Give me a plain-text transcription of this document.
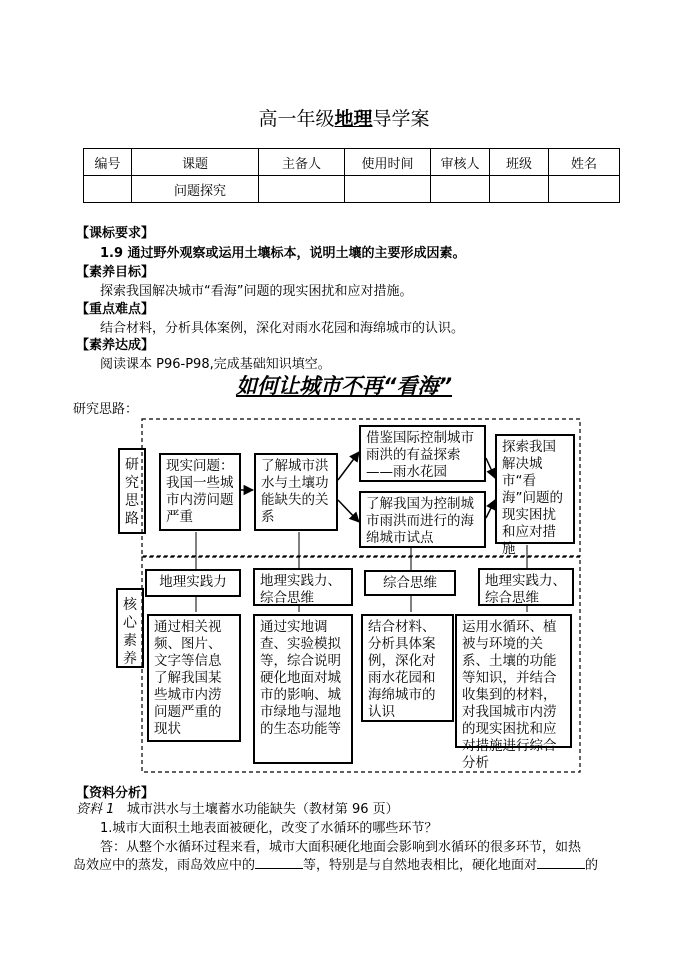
高一年级地理导学案
编号	课题	主备人	使用时间	审核人	班级	姓名
	问题探究					
【课标要求】
1.9 通过野外观察或运用土壤标本，说明土壤的主要形成因素。
【素养目标】
探索我国解决城市“看海”问题的现实困扰和应对措施。
【重点难点】
结合材料，分析具体案例，深化对雨水花园和海绵城市的认识。
【素养达成】
阅读课本 P96-P98,完成基础知识填空。
如何让城市不再“看海”
研究思路：
研究思路
核心素养
现实问题：我国一些城市内涝问题严重
了解城市洪水与土壤功能缺失的关系
借鉴国际控制城市雨洪的有益探索——雨水花园
了解我国为控制城市雨洪而进行的海绵城市试点
探索我国解决城市“看海”问题的现实困扰和应对措施
地理实践力	地理实践力、综合思维
综合思维	地理实践力、综合思维
通过相关视频、图片、文字等信息了解我国某些城市内涝问题严重的现状
通过实地调查、实验模拟等，综合说明硬化地面对城市的影响、城市绿地与湿地的生态功能等
结合材料、分析具体案例，深化对雨水花园和海绵城市的认识
运用水循环、植被与环境的关系、土壤的功能等知识，并结合收集到的材料，对我国城市内涝的现实困扰和应对措施进行综合分析
【资料分析】
资料 1 城市洪水与土壤蓄水功能缺失（教材第 96 页）
1.城市大面积土地表面被硬化，改变了水循环的哪些环节？
答：从整个水循环过程来看，城市大面积硬化地面会影响到水循环的很多环节，如热
岛效应中的蒸发，雨岛效应中的	等，特别是与自然地表相比，硬化地面对	的
